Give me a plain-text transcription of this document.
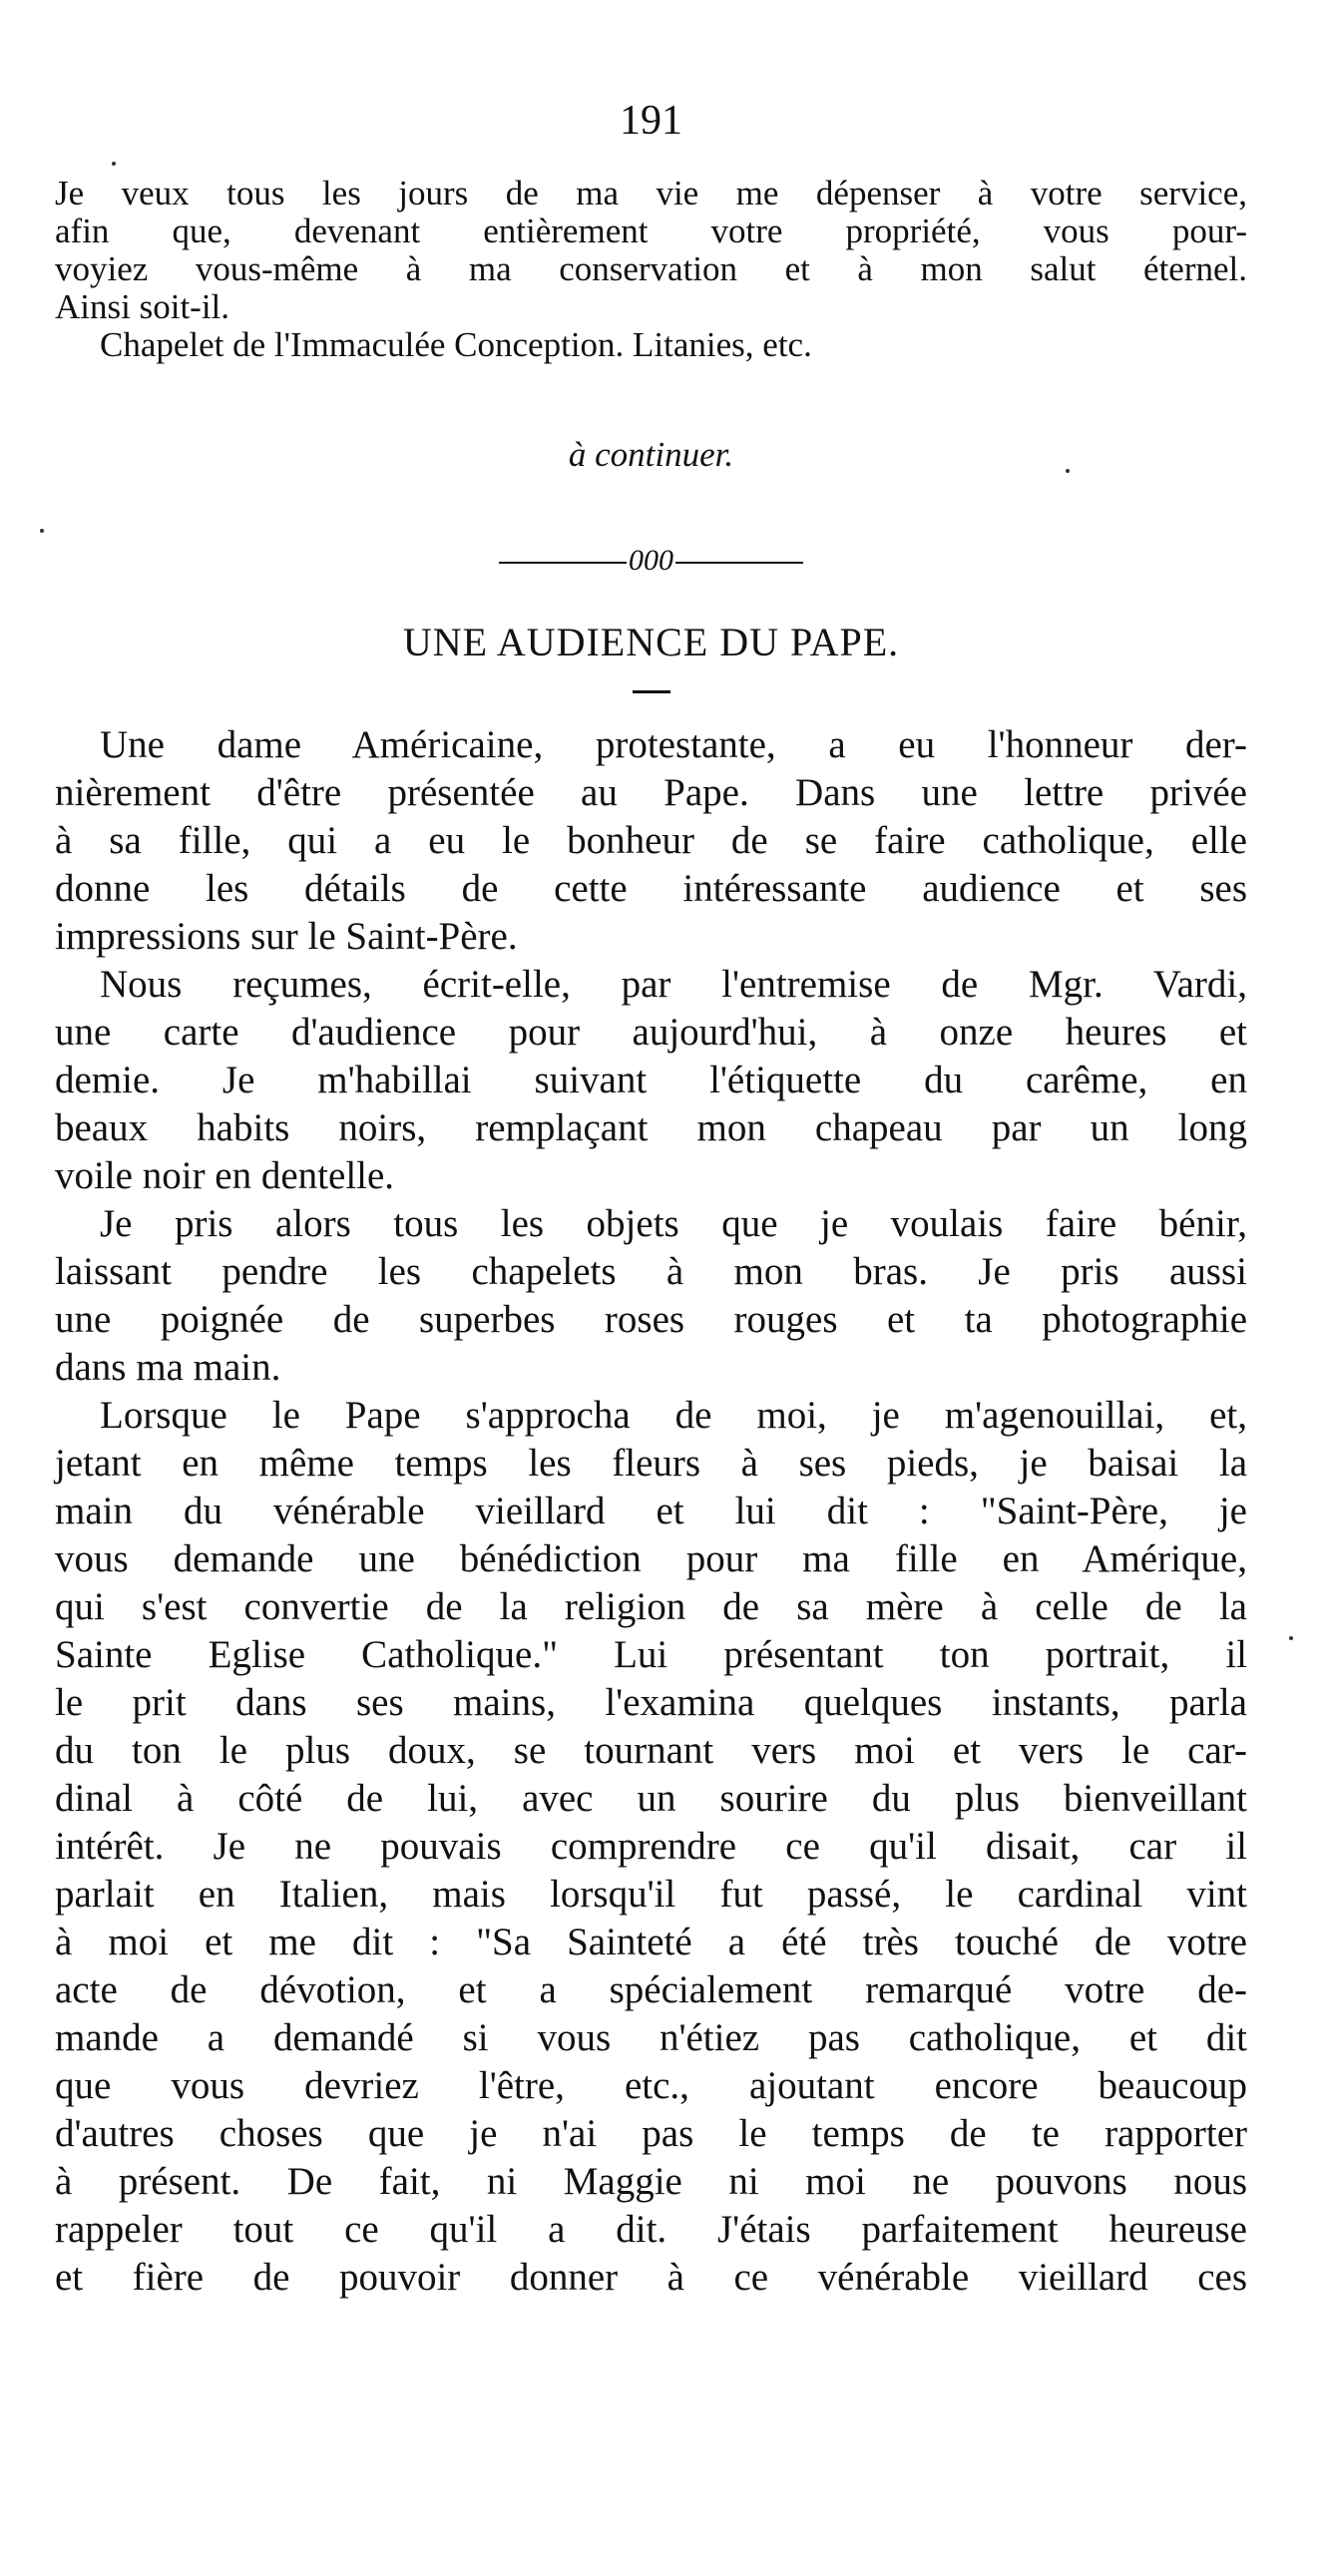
191
Je veux tous les jours de ma vie me dépenser à votre service,
afin que, devenant entièrement votre propriété, vous pour-
voyiez vous-même à ma conservation et à mon salut éternel.
Ainsi soit-il.
Chapelet de l'Immaculée Conception. Litanies, etc.
à continuer.
000
UNE AUDIENCE DU PAPE.
Une dame Américaine, protestante, a eu l'honneur der-
nièrement d'être présentée au Pape. Dans une lettre privée
à sa fille, qui a eu le bonheur de se faire catholique, elle
donne les détails de cette intéressante audience et ses
impressions sur le Saint-Père.
Nous reçumes, écrit-elle, par l'entremise de Mgr. Vardi,
une carte d'audience pour aujourd'hui, à onze heures et
demie. Je m'habillai suivant l'étiquette du carême, en
beaux habits noirs, remplaçant mon chapeau par un long
voile noir en dentelle.
Je pris alors tous les objets que je voulais faire bénir,
laissant pendre les chapelets à mon bras. Je pris aussi
une poignée de superbes roses rouges et ta photographie
dans ma main.
Lorsque le Pape s'approcha de moi, je m'agenouillai, et,
jetant en même temps les fleurs à ses pieds, je baisai la
main du vénérable vieillard et lui dit : "Saint-Père, je
vous demande une bénédiction pour ma fille en Amérique,
qui s'est convertie de la religion de sa mère à celle de la
Sainte Eglise Catholique." Lui présentant ton portrait, il
le prit dans ses mains, l'examina quelques instants, parla
du ton le plus doux, se tournant vers moi et vers le car-
dinal à côté de lui, avec un sourire du plus bienveillant
intérêt. Je ne pouvais comprendre ce qu'il disait, car il
parlait en Italien, mais lorsqu'il fut passé, le cardinal vint
à moi et me dit : "Sa Sainteté a été très touché de votre
acte de dévotion, et a spécialement remarqué votre de-
mande a demandé si vous n'étiez pas catholique, et dit
que vous devriez l'être, etc., ajoutant encore beaucoup
d'autres choses que je n'ai pas le temps de te rapporter
à présent. De fait, ni Maggie ni moi ne pouvons nous
rappeler tout ce qu'il a dit. J'étais parfaitement heureuse
et fière de pouvoir donner à ce vénérable vieillard ces
